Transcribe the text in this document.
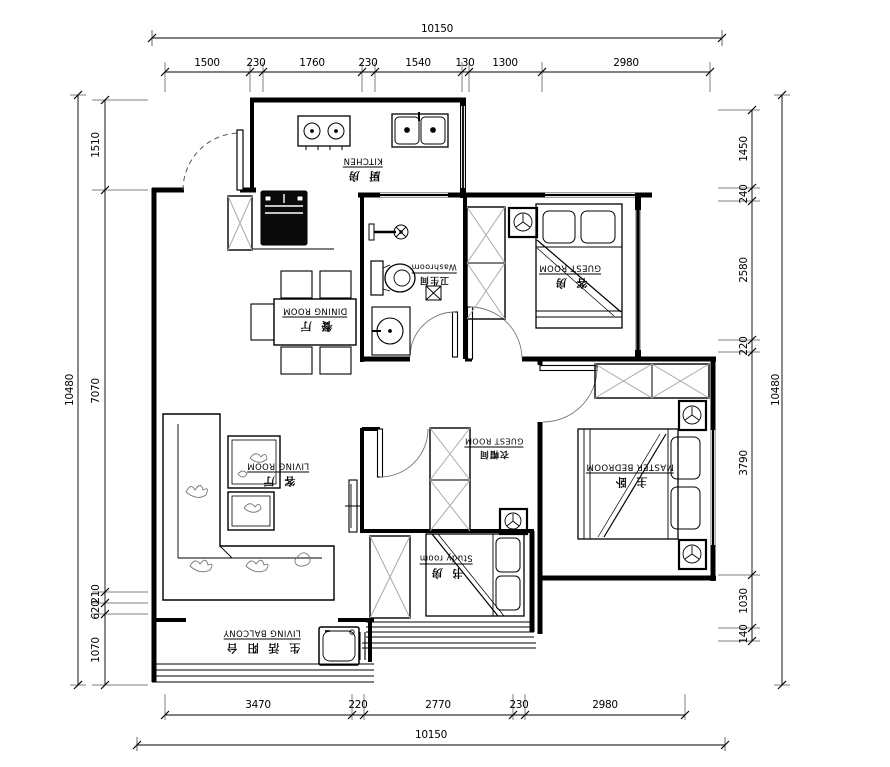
10150
1500	230	1760	230	1540 130 1300	2980
3470	220	2770	230	2980
10150
10480
1510
7070
210
620
1070
1450
240
2580
220
3790
1030
140
10480
厨 房
KITCHEN
客 房
GUEST ROOM
餐 厅
DINING ROOM
卫生间
Washroom
客 厅
LIVING ROOM
衣帽间
GUEST ROOM
主 卧
MASTER BEDROOM
书 房
Study room
生 活 阳 台
LIVING BALCONY
